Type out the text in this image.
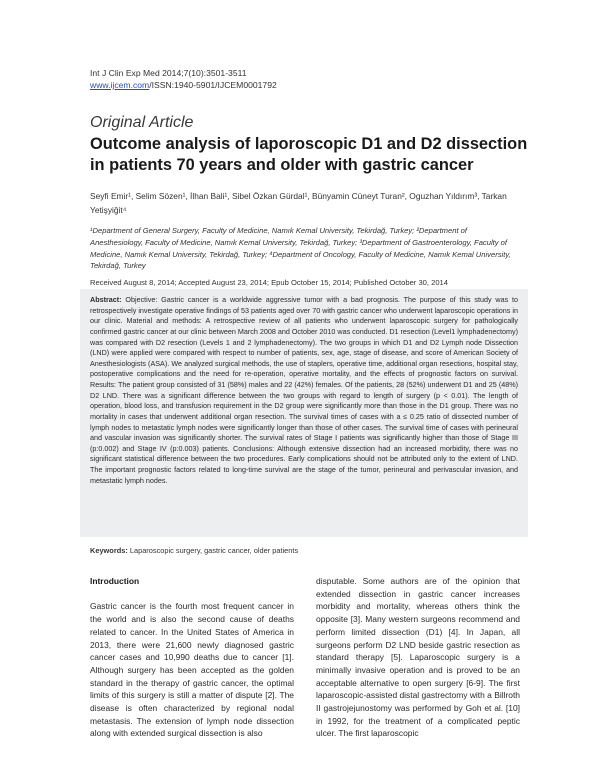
Int J Clin Exp Med 2014;7(10):3501-3511
www.ijcem.com/ISSN:1940-5901/IJCEM0001792
Original Article
Outcome analysis of laporoscopic D1 and D2 dissection in patients 70 years and older with gastric cancer
Seyfi Emir¹, Selim Sözen¹, İlhan Bali¹, Sibel Özkan Gürdal¹, Bünyamin Cüneyt Turan², Oguzhan Yıldırım³, Tarkan Yetişyiğit⁴
¹Department of General Surgery, Faculty of Medicine, Namık Kemal University, Tekirdağ, Turkey; ²Department of Anesthesiology, Faculty of Medicine, Namık Kemal University, Tekirdağ, Turkey; ³Department of Gastroenterology, Faculty of Medicine, Namık Kemal University, Tekirdağ, Turkey; ⁴Department of Oncology, Faculty of Medicine, Namık Kemal University, Tekirdağ, Turkey
Received August 8, 2014; Accepted August 23, 2014; Epub October 15, 2014; Published October 30, 2014
Abstract: Objective: Gastric cancer is a worldwide aggressive tumor with a bad prognosis. The purpose of this study was to retrospectively investigate operative findings of 53 patients aged over 70 with gastric cancer who underwent laparoscopic operations in our clinic. Material and methods: A retrospective review of all patients who underwent laparoscopic surgery for pathologically confirmed gastric cancer at our clinic between March 2008 and October 2010 was conducted. D1 resection (Level1 lymphadenectomy) was compared with D2 resection (Levels 1 and 2 lymphadenectomy). The two groups in which D1 and D2 Lymph node Dissection (LND) were applied were compared with respect to number of patients, sex, age, stage of disease, and score of American Society of Anesthesiologists (ASA). We analyzed surgical methods, the use of staplers, operative time, additional organ resections, hospital stay, postoperative complications and the need for re-operation, operative mortality, and the effects of prognostic factors on survival. Results: The patient group consisted of 31 (58%) males and 22 (42%) females. Of the patients, 28 (52%) underwent D1 and 25 (48%) D2 LND. There was a significant difference between the two groups with regard to length of surgery (p < 0.01). The length of operation, blood loss, and transfusion requirement in the D2 group were significantly more than those in the D1 group. There was no mortality in cases that underwent additional organ resection. The survival times of cases with a ≤ 0.25 ratio of dissected number of lymph nodes to metastatic lymph nodes were significantly longer than those of other cases. The survival time of cases with perineural and vascular invasion was significantly shorter. The survival rates of Stage I patients was significantly higher than those of Stage III (p:0.002) and Stage IV (p:0.003) patients. Conclusions: Although extensive dissection had an increased morbidity, there was no significant statistical difference between the two procedures. Early complications should not be attributed only to the extent of LND. The important prognostic factors related to long-time survival are the stage of the tumor, perineural and perivascular invasion, and metastatic lymph nodes.
Keywords: Laparoscopic surgery, gastric cancer, older patients
Introduction
Gastric cancer is the fourth most frequent cancer in the world and is also the second cause of deaths related to cancer. In the United States of America in 2013, there were 21,600 newly diagnosed gastric cancer cases and 10,990 deaths due to cancer [1]. Although surgery has been accepted as the golden standard in the therapy of gastric cancer, the optimal limits of this surgery is still a matter of dispute [2]. The disease is often characterized by regional nodal metastasis. The extension of lymph node dissection along with extended surgical dissection is also
disputable. Some authors are of the opinion that extended dissection in gastric cancer increases morbidity and mortality, whereas others think the opposite [3]. Many western surgeons recommend and perform limited dissection (D1) [4]. In Japan, all surgeons perform D2 LND beside gastric resection as standard therapy [5]. Laparoscopic surgery is a minimally invasive operation and is proved to be an acceptable alternative to open surgery [6-9]. The first laparoscopic-assisted distal gastrectomy with a Billroth II gastrojejunostomy was performed by Goh et al. [10] in 1992, for the treatment of a complicated peptic ulcer. The first laparoscopic
